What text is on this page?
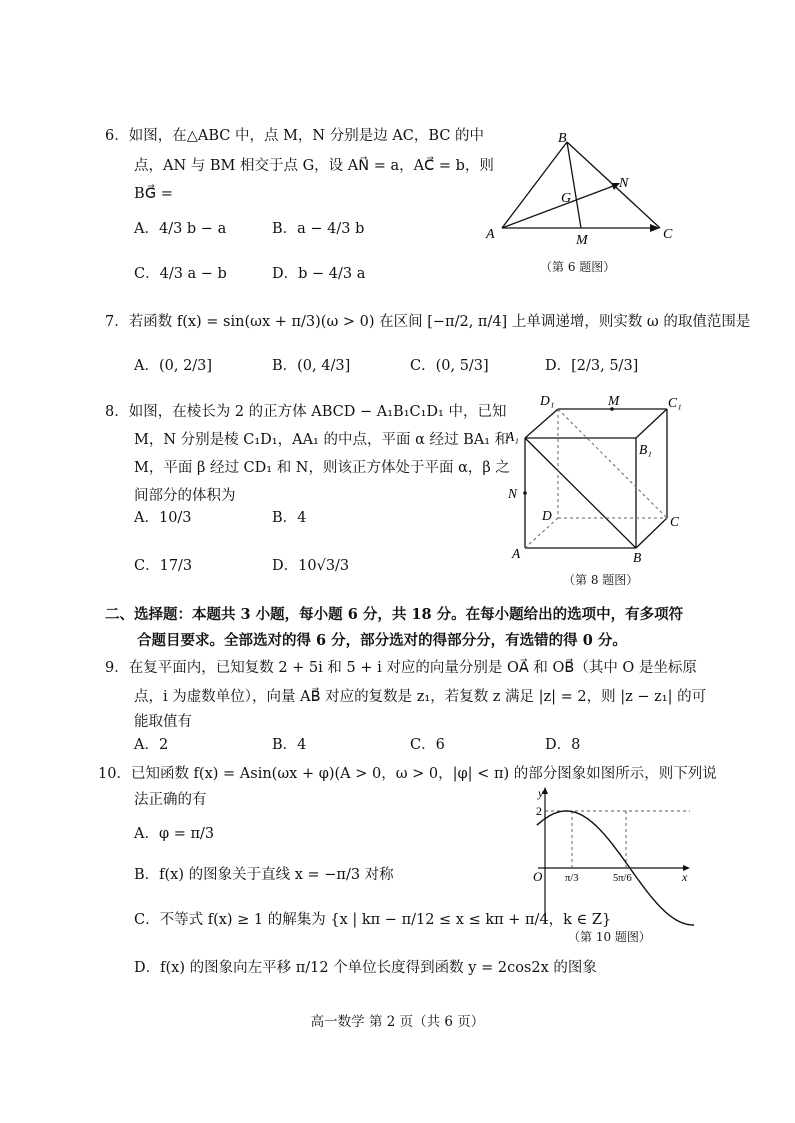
6．如图，在△ABC 中，点 M，N 分别是边 AC，BC 的中
点，AN 与 BM 相交于点 G，设 AN⃗ = a，AC⃗ = b，则
BG⃗ =
A．4/3 b − a	B．a − 4/3 b
C．4/3 a − b	D．b − 4/3 a
B
N
G
A	M	C
（第 6 题图）
7．若函数 f(x) = sin(ωx + π/3)(ω > 0) 在区间 [−π/2, π/4] 上单调递增，则实数 ω 的取值范围是
A．(0, 2/3]	B．(0, 4/3]	C．(0, 5/3]	D．[2/3, 5/3]
8．如图，在棱长为 2 的正方体 ABCD − A₁B₁C₁D₁ 中，已知
M，N 分别是棱 C₁D₁，AA₁ 的中点，平面 α 经过 BA₁ 和
M，平面 β 经过 CD₁ 和 N，则该正方体处于平面 α，β 之
间部分的体积为
A．10/3	B．4
C．17/3	D．10√3/3
D₁	M	C₁
A₁
B₁
N
D	C
A	B
（第 8 题图）
二、选择题：本题共 3 小题，每小题 6 分，共 18 分。在每小题给出的选项中，有多项符
合题目要求。全部选对的得 6 分，部分选对的得部分分，有选错的得 0 分。
9．在复平面内，已知复数 2 + 5i 和 5 + i 对应的向量分别是 OA⃗ 和 OB⃗（其中 O 是坐标原
点，i 为虚数单位），向量 AB⃗ 对应的复数是 z₁，若复数 z 满足 |z| = 2，则 |z − z₁| 的可
能取值有
A．2	B．4	C．6	D．8
10．已知函数 f(x) = Asin(ωx + φ)(A > 0，ω > 0，|φ| < π) 的部分图象如图所示，则下列说
法正确的有
A．φ = π/3
B．f(x) 的图象关于直线 x = −π/3 对称
C．不等式 f(x) ≥ 1 的解集为 {x | kπ − π/12 ≤ x ≤ kπ + π/4，k ∈ Z}
D．f(x) 的图象向左平移 π/12 个单位长度得到函数 y = 2cos2x 的图象
y
2
O π/3	5π/6	x
（第 10 题图）
高一数学 第 2 页（共 6 页）
